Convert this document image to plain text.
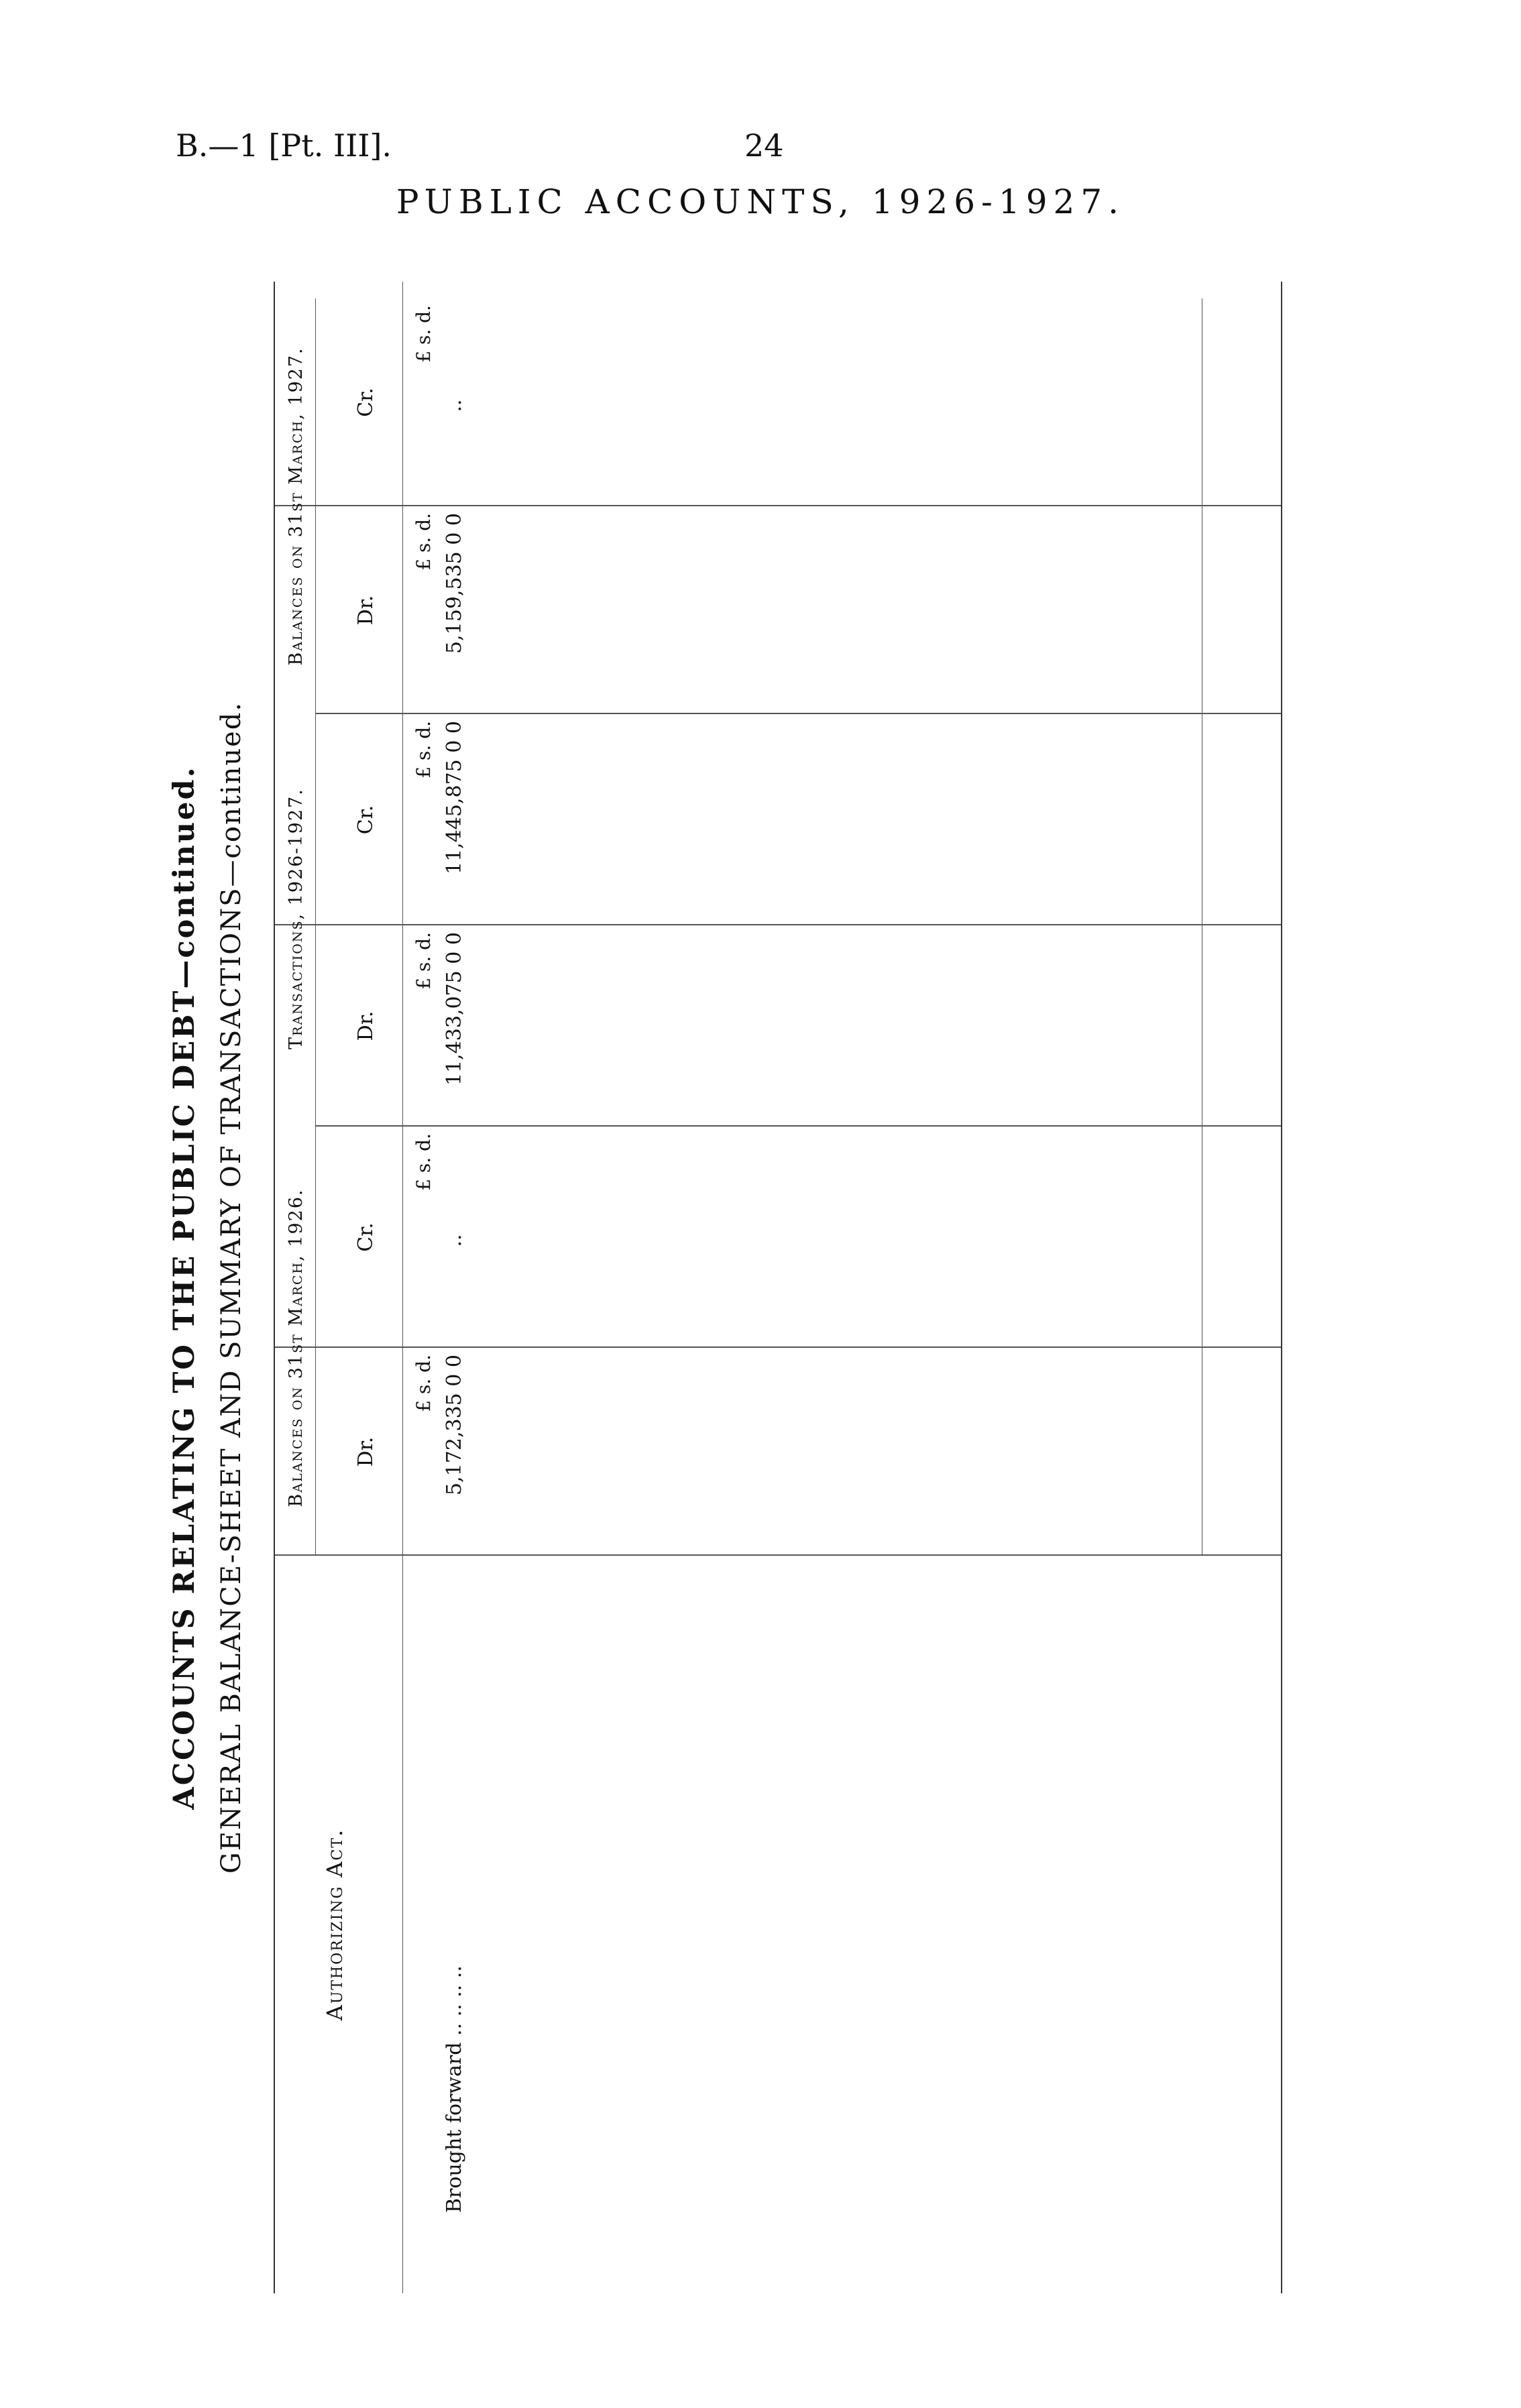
B.—1 [Pt. III].	24
PUBLIC ACCOUNTS, 1926-1927.
ACCOUNTS RELATING TO THE PUBLIC DEBT—continued. GENERAL BALANCE-SHEET AND SUMMARY OF TRANSACTIONS—continued.
Authorizing Act.
Balances on 31st March, 1926.
Transactions, 1926-1927.
Balances on 31st March, 1927.
Dr.
Cr.
Dr.
Cr.
Dr.
Cr.
£ s. d.
£ s. d.
£ s. d.
£ s. d.
£ s. d.
£ s. d.
Brought forward .. .. .. ..
5,172,335 0 0
..
11,433,075 0 0
11,445,875 0 0
5,159,535 0 0
..
